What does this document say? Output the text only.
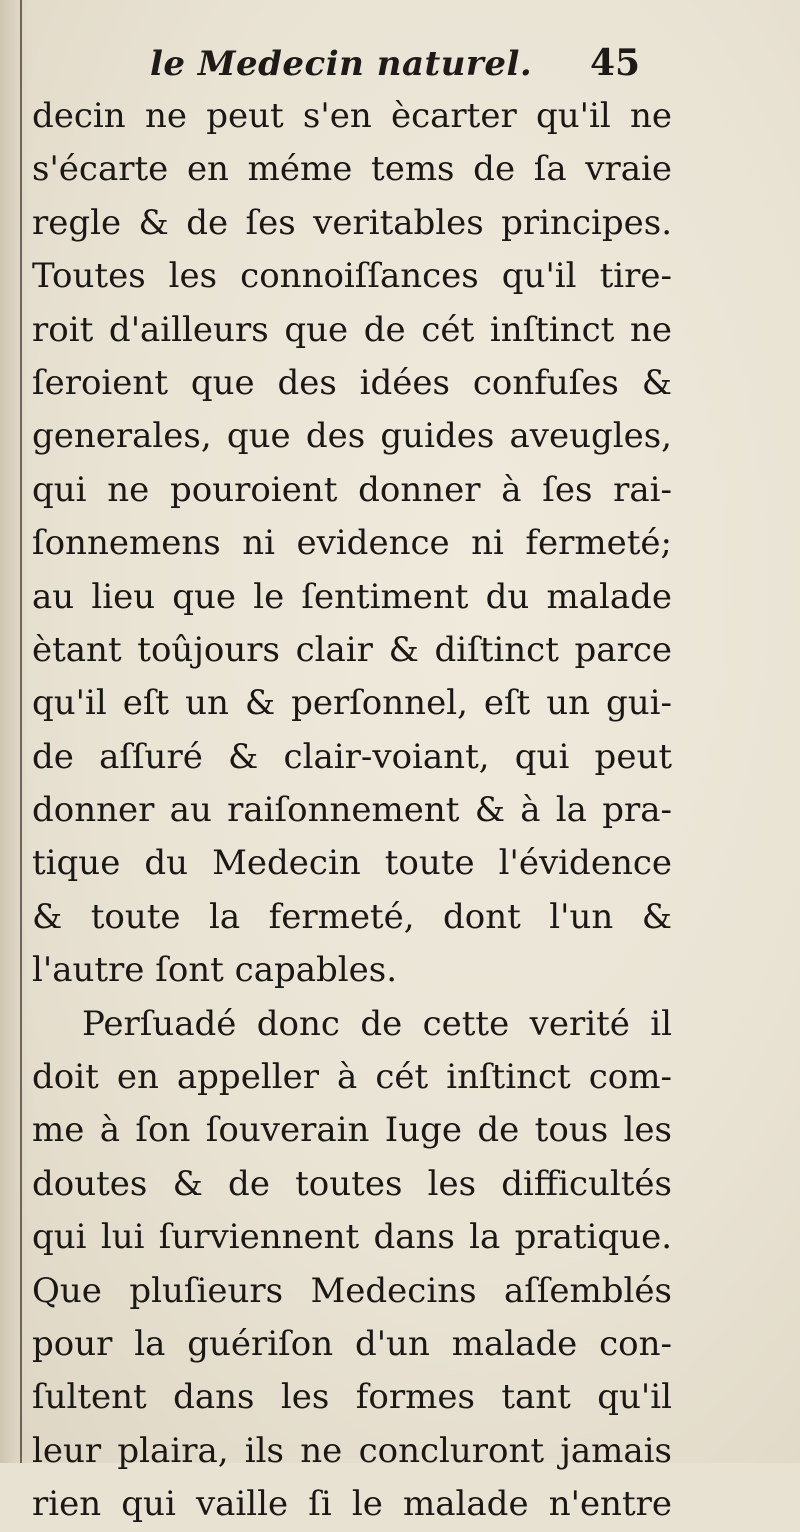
le Medecin naturel. 45
decin ne peut s'en ècarter qu'il ne
s'écarte en méme tems de ſa vraie
regle & de ſes veritables principes.
Toutes les connoiſſances qu'il tire-
roit d'ailleurs que de cét inſtinct ne
ſeroient que des idées confuſes &
generales, que des guides aveugles,
qui ne pouroient donner à ſes rai-
ſonnemens ni evidence ni fermeté;
au lieu que le ſentiment du malade
ètant toûjours clair & diſtinct parce
qu'il eſt un & perſonnel, eſt un gui-
de aſſuré & clair-voiant, qui peut
donner au raiſonnement & à la pra-
tique du Medecin toute l'évidence
& toute la fermeté, dont l'un &
l'autre ſont capables.
Perſuadé donc de cette verité il
doit en appeller à cét inſtinct com-
me à ſon ſouverain Iuge de tous les
doutes & de toutes les difficultés
qui lui ſurviennent dans la pratique.
Que pluſieurs Medecins aſſemblés
pour la guériſon d'un malade con-
ſultent dans les formes tant qu'il
leur plaira, ils ne concluront jamais
rien qui vaille ſi le malade n'entre
